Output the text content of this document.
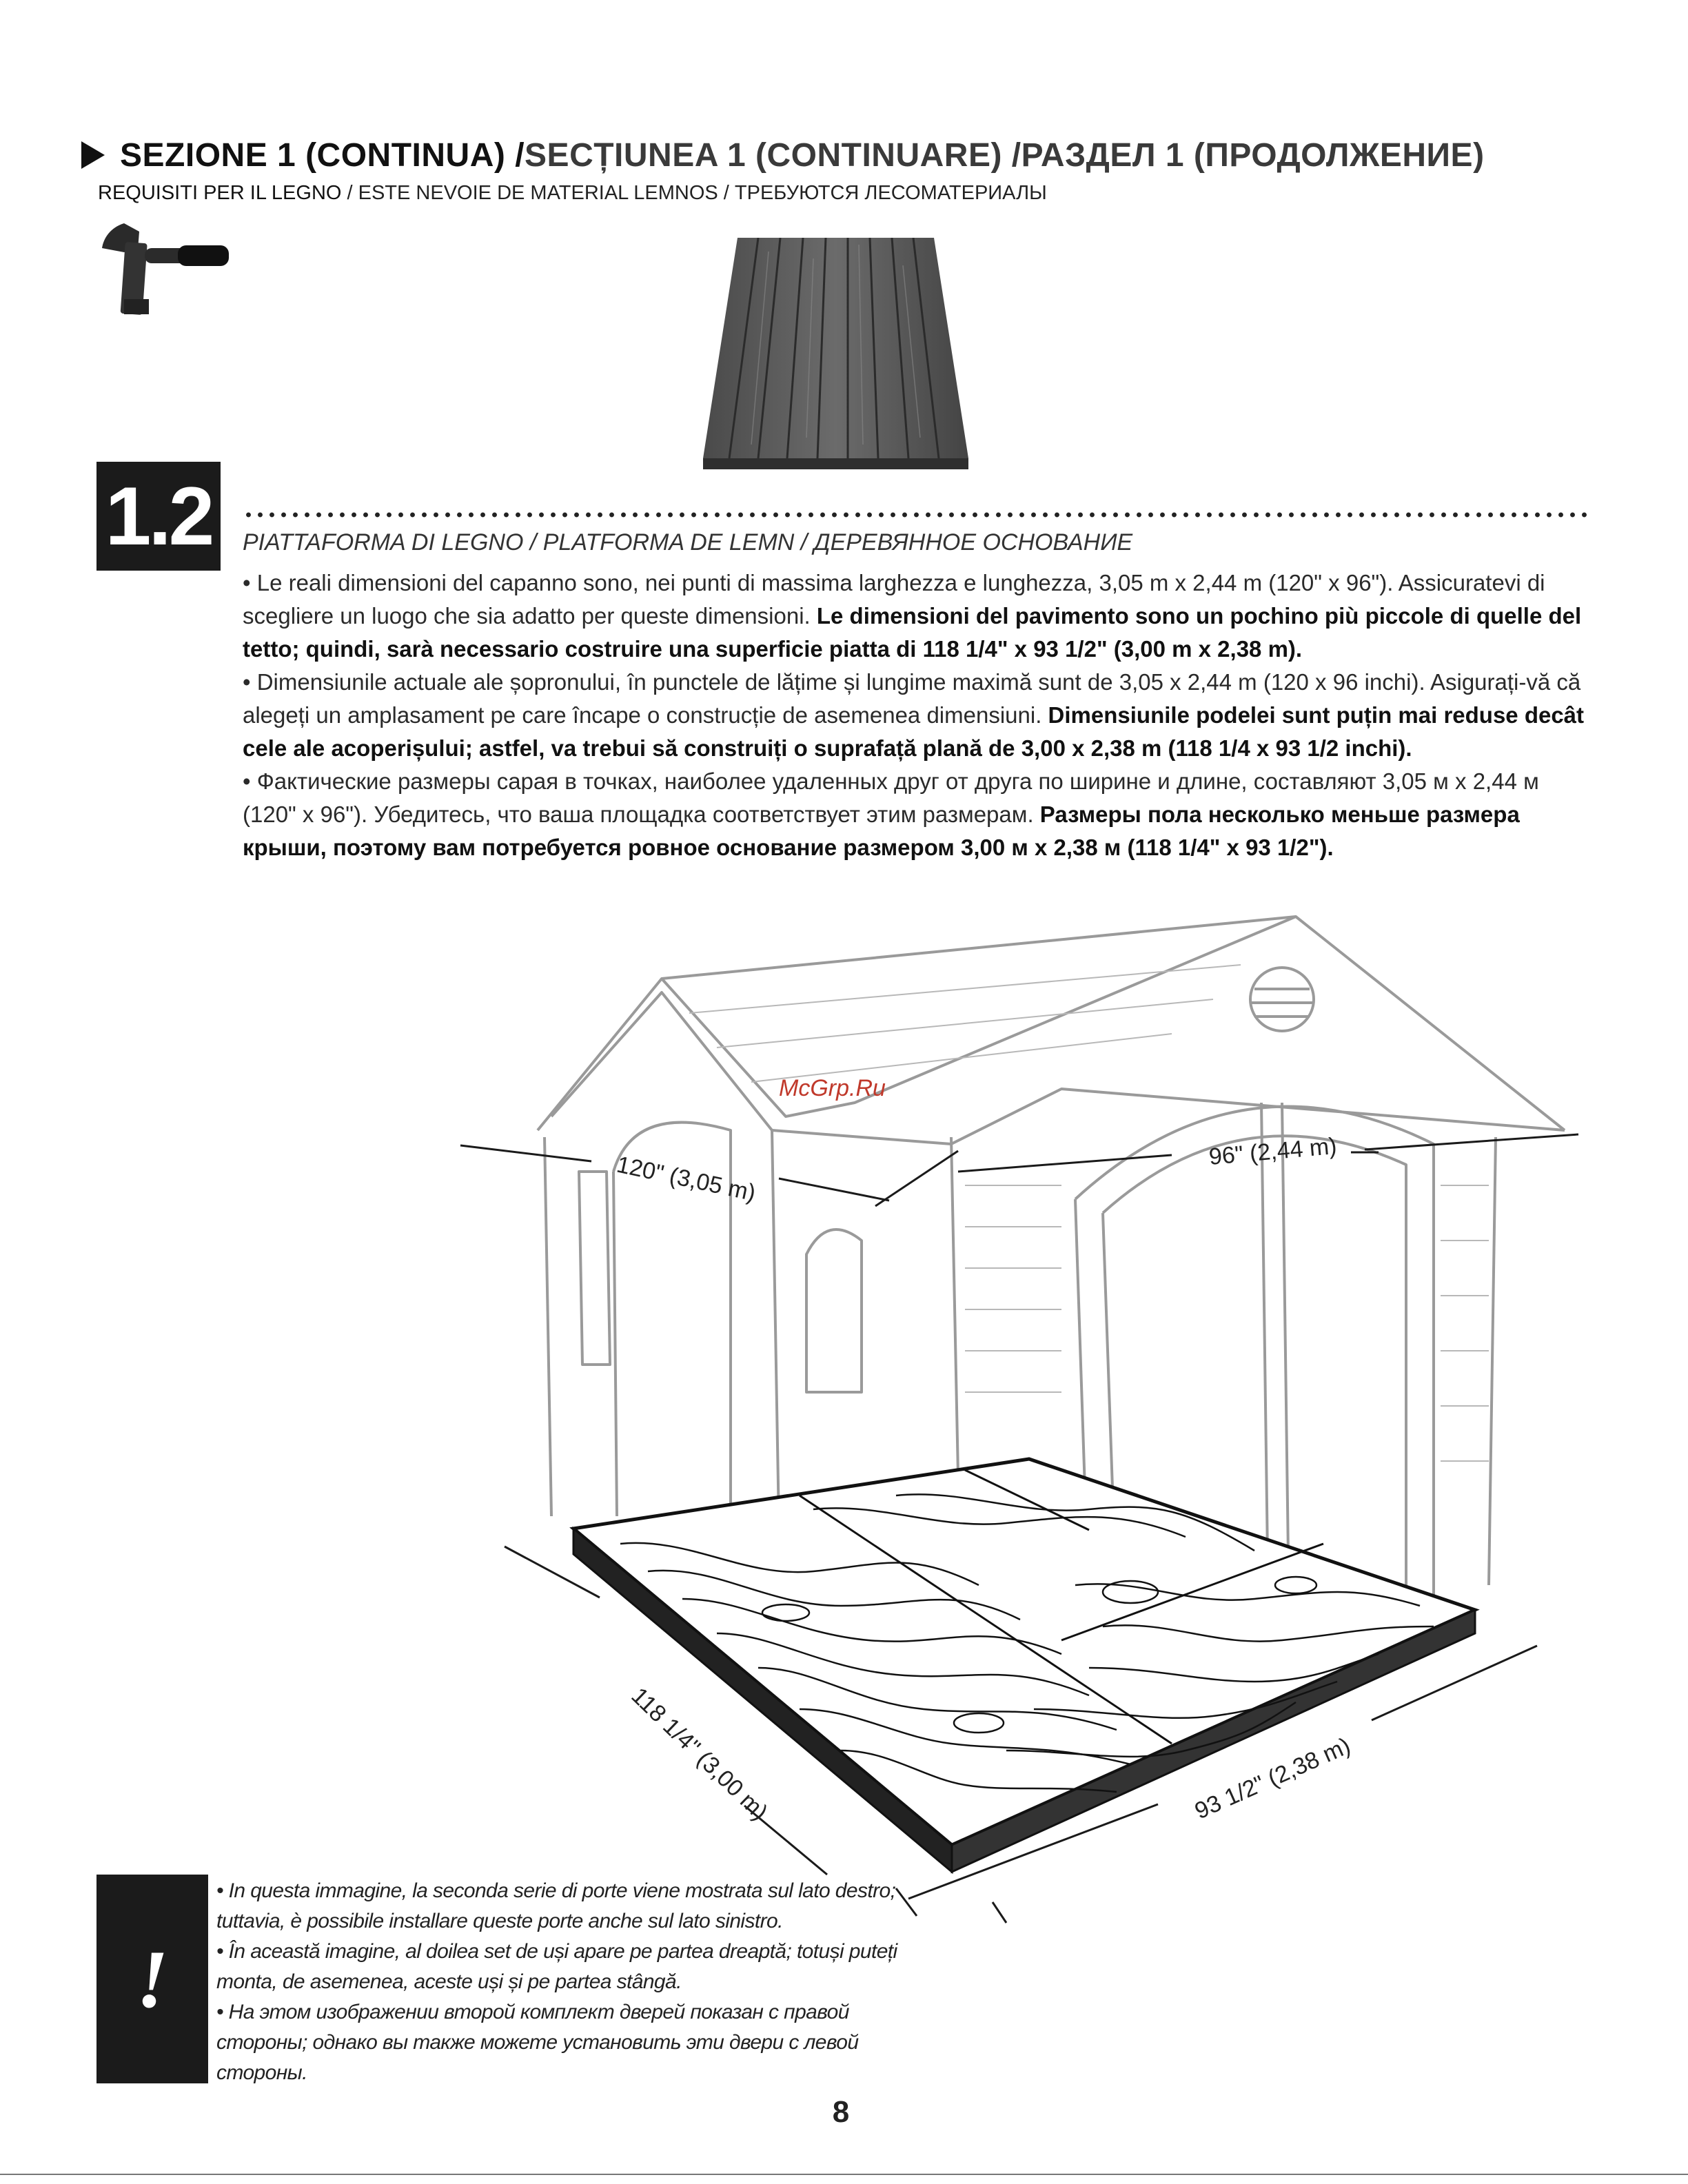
SEZIONE 1 (CONTINUA) / SECȚIUNEA 1 (CONTINUARE) / РАЗДЕЛ 1 (ПРОДОЛЖЕНИЕ)
REQUISITI PER IL LEGNO / ESTE NEVOIE DE MATERIAL LEMNOS / ТРЕБУЮТСЯ ЛЕСОМАТЕРИАЛЫ
1.2	PIATTAFORMA DI LEGNO / PLATFORMA DE LEMN / ДЕРЕВЯННОЕ ОСНОВАНИЕ

• Le reali dimensioni del capanno sono, nei punti di massima larghezza e lunghezza, 3,05 m x 2,44 m (120" x 96"). Assicuratevi di scegliere un luogo che sia adatto per queste dimensioni. Le dimensioni del pavimento sono un pochino più piccole di quelle del tetto; quindi, sarà necessario costruire una superficie piatta di 118 1/4" x 93 1/2" (3,00 m x 2,38 m).

• Dimensiunile actuale ale șopronului, în punctele de lățime și lungime maximă sunt de 3,05 x 2,44 m (120 x 96 inchi). Asigurați-vă că alegeți un amplasament pe care încape o construcție de asemenea dimensiuni. Dimensiunile podelei sunt puțin mai reduse decât cele ale acoperișului; astfel, va trebui să construiți o suprafață plană de 3,00 x 2,38 m (118 1/4 x 93 1/2 inchi).

• Фактические размеры сарая в точках, наиболее удаленных друг от друга по ширине и длине, составляют 3,05 м x 2,44 м (120" x 96"). Убедитесь, что ваша площадка соответствует этим размерам. Размеры пола несколько меньше размера крыши, поэтому вам потребуется ровное основание размером 3,00 м x 2,38 м (118 1/4" x 93 1/2").

120" (3,05 m)	96" (2,44 m)
118 1/4" (3,00 m)	93 1/2" (2,38 m)
McGrp.Ru
!

• In questa immagine, la seconda serie di porte viene mostrata sul lato destro; tuttavia, è possibile installare queste porte anche sul lato sinistro.

• În această imagine, al doilea set de uși apare pe partea dreaptă; totuși puteți monta, de asemenea, aceste uși și pe partea stângă.

• На этом изображении второй комплект дверей показан с правой стороны; однако вы также можете установить эти двери с левой стороны.

8
